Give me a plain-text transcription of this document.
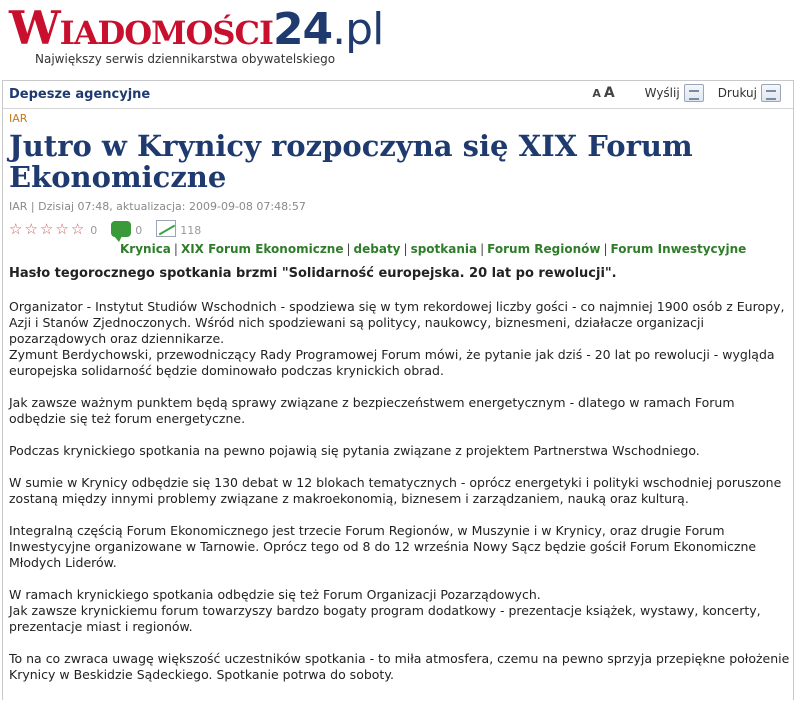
Wiadomości24.pl
Największy serwis dziennikarstwa obywatelskiego
Depesze agencyjne	A A	Wyślij	Drukuj
IAR
Jutro w Krynicy rozpoczyna się XIX Forum Ekonomiczne
IAR | Dzisiaj 07:48, aktualizacja: 2009-09-08 07:48:57
☆ ☆ ☆ ☆ ☆ 0	0	118
Krynica | XIX Forum Ekonomiczne | debaty | spotkania | Forum Regionów | Forum Inwestycyjne
Hasło tegorocznego spotkania brzmi "Solidarność europejska. 20 lat po rewolucji".

Organizator - Instytut Studiów Wschodnich - spodziewa się w tym rekordowej liczby gości - co najmniej 1900 osób z Europy, Azji i Stanów Zjednoczonych. Wśród nich spodziewani są politycy, naukowcy, biznesmeni, działacze organizacji pozarządowych oraz dziennikarze.

Zymunt Berdychowski, przewodniczący Rady Programowej Forum mówi, że pytanie jak dziś - 20 lat po rewolucji - wygląda europejska solidarność będzie dominowało podczas krynickich obrad.

Jak zawsze ważnym punktem będą sprawy związane z bezpieczeństwem energetycznym - dlatego w ramach Forum odbędzie się też forum energetyczne.

Podczas krynickiego spotkania na pewno pojawią się pytania związane z projektem Partnerstwa Wschodniego.

W sumie w Krynicy odbędzie się 130 debat w 12 blokach tematycznych - oprócz energetyki i polityki wschodniej poruszone zostaną między innymi problemy związane z makroekonomią, biznesem i zarządzaniem, nauką oraz kulturą.

Integralną częścią Forum Ekonomicznego jest trzecie Forum Regionów, w Muszynie i w Krynicy, oraz drugie Forum Inwestycyjne organizowane w Tarnowie. Oprócz tego od 8 do 12 września Nowy Sącz będzie gościł Forum Ekonomiczne Młodych Liderów.

W ramach krynickiego spotkania odbędzie się też Forum Organizacji Pozarządowych.

Jak zawsze krynickiemu forum towarzyszy bardzo bogaty program dodatkowy - prezentacje książek, wystawy, koncerty, prezentacje miast i regionów.

To na co zwraca uwagę większość uczestników spotkania - to miła atmosfera, czemu na pewno sprzyja przepiękne położenie Krynicy w Beskidzie Sądeckiego. Spotkanie potrwa do soboty.
